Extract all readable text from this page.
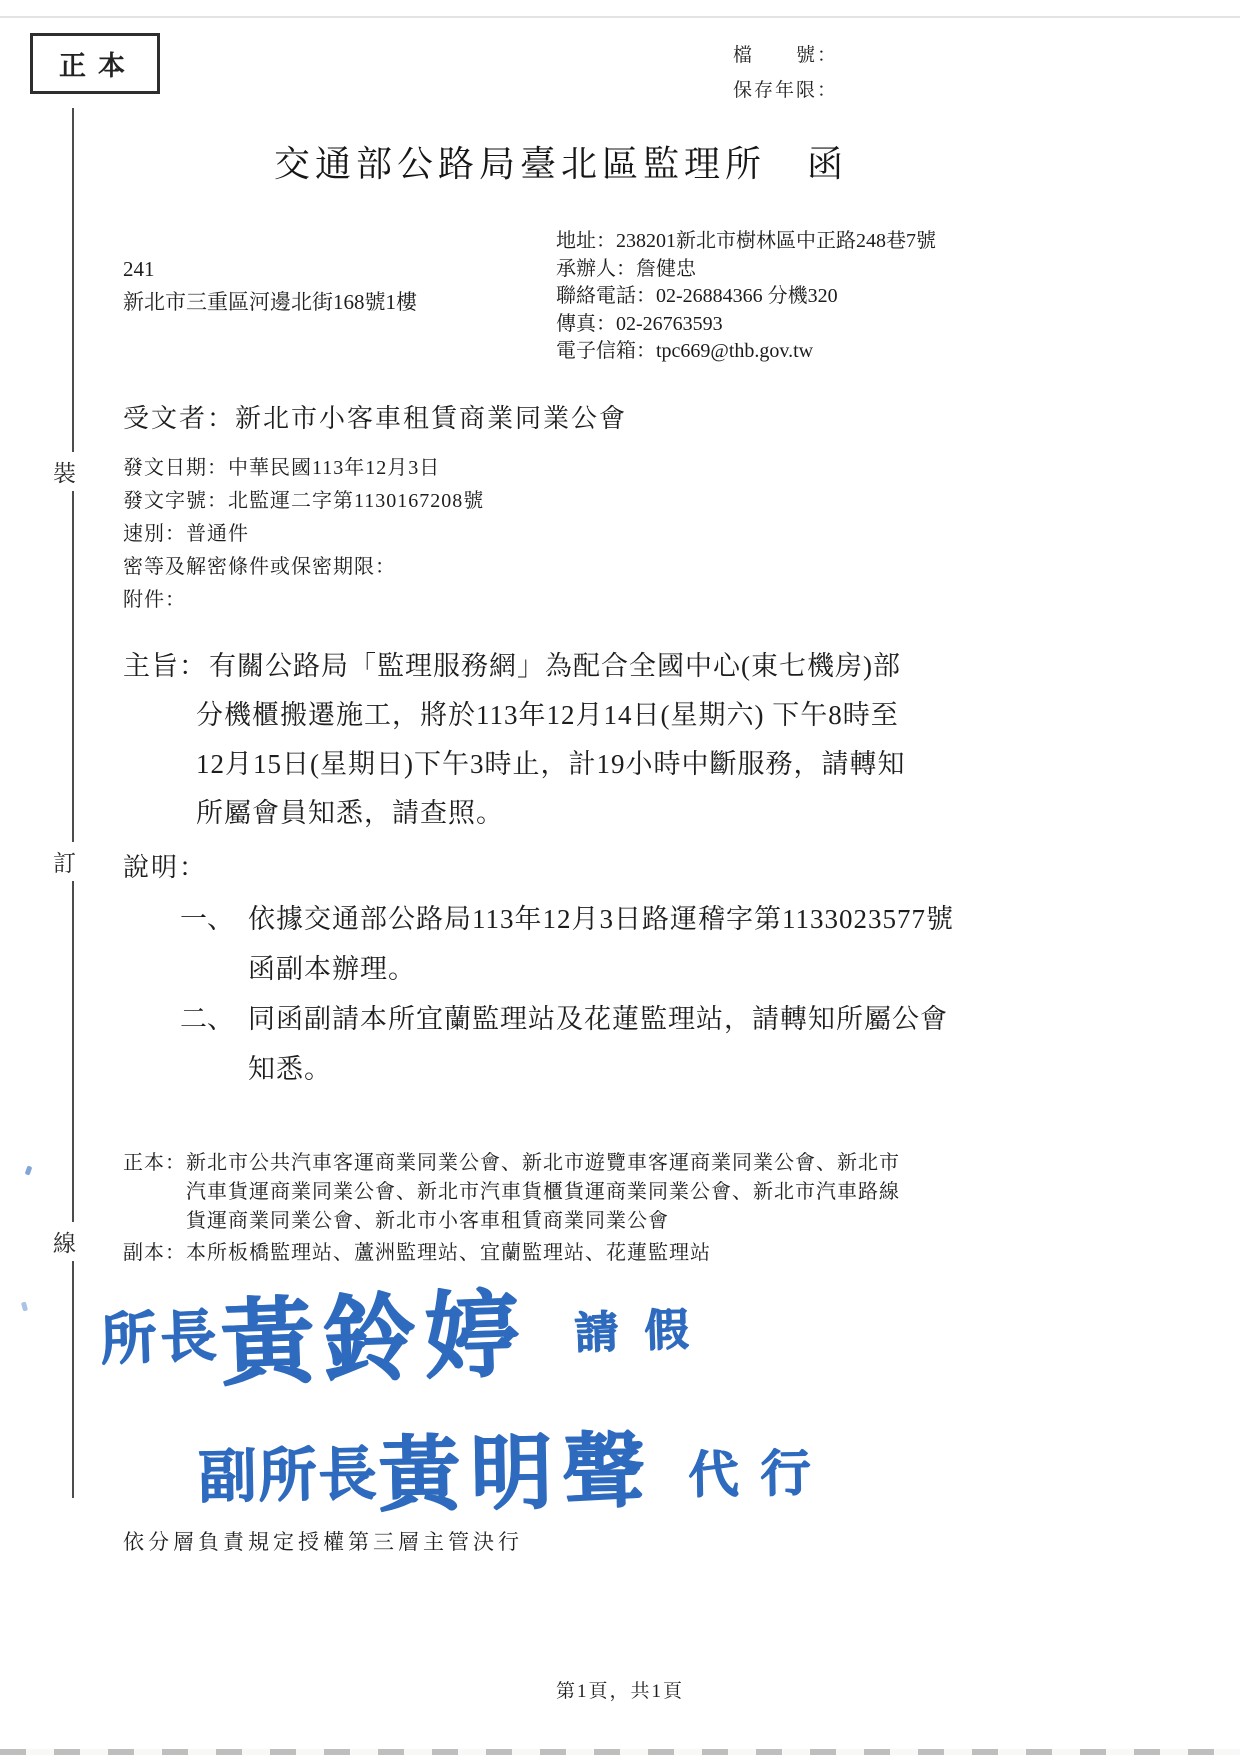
正本	檔　　號：
保存年限：
交通部公路局臺北區監理所　函
裝
訂
線
241
新北市三重區河邊北街168號1樓
地址：238201新北市樹林區中正路248巷7號
承辦人：詹健忠
聯絡電話：02-26884366 分機320
傳真：02-26763593
電子信箱：tpc669@thb.gov.tw
受文者：新北市小客車租賃商業同業公會
發文日期：中華民國113年12月3日
發文字號：北監運二字第1130167208號
速別：普通件
密等及解密條件或保密期限：
附件：
主旨： 有關公路局「監理服務網」為配合全國中心(東七機房)部
分機櫃搬遷施工，將於113年12月14日(星期六) 下午8時至
12月15日(星期日)下午3時止，計19小時中斷服務，請轉知
所屬會員知悉，請查照。
說明：
一、 依據交通部公路局113年12月3日路運稽字第1133023577號
函副本辦理。
二、 同函副請本所宜蘭監理站及花蓮監理站，請轉知所屬公會
知悉。
正本： 新北市公共汽車客運商業同業公會、新北市遊覽車客運商業同業公會、新北市
汽車貨運商業同業公會、新北市汽車貨櫃貨運商業同業公會、新北市汽車路線
貨運商業同業公會、新北市小客車租賃商業同業公會
副本： 本所板橋監理站、蘆洲監理站、宜蘭監理站、花蓮監理站
所長黃鈴婷 請假
副所長黃明聲 代行
依分層負責規定授權第三層主管決行
第1頁，共1頁
